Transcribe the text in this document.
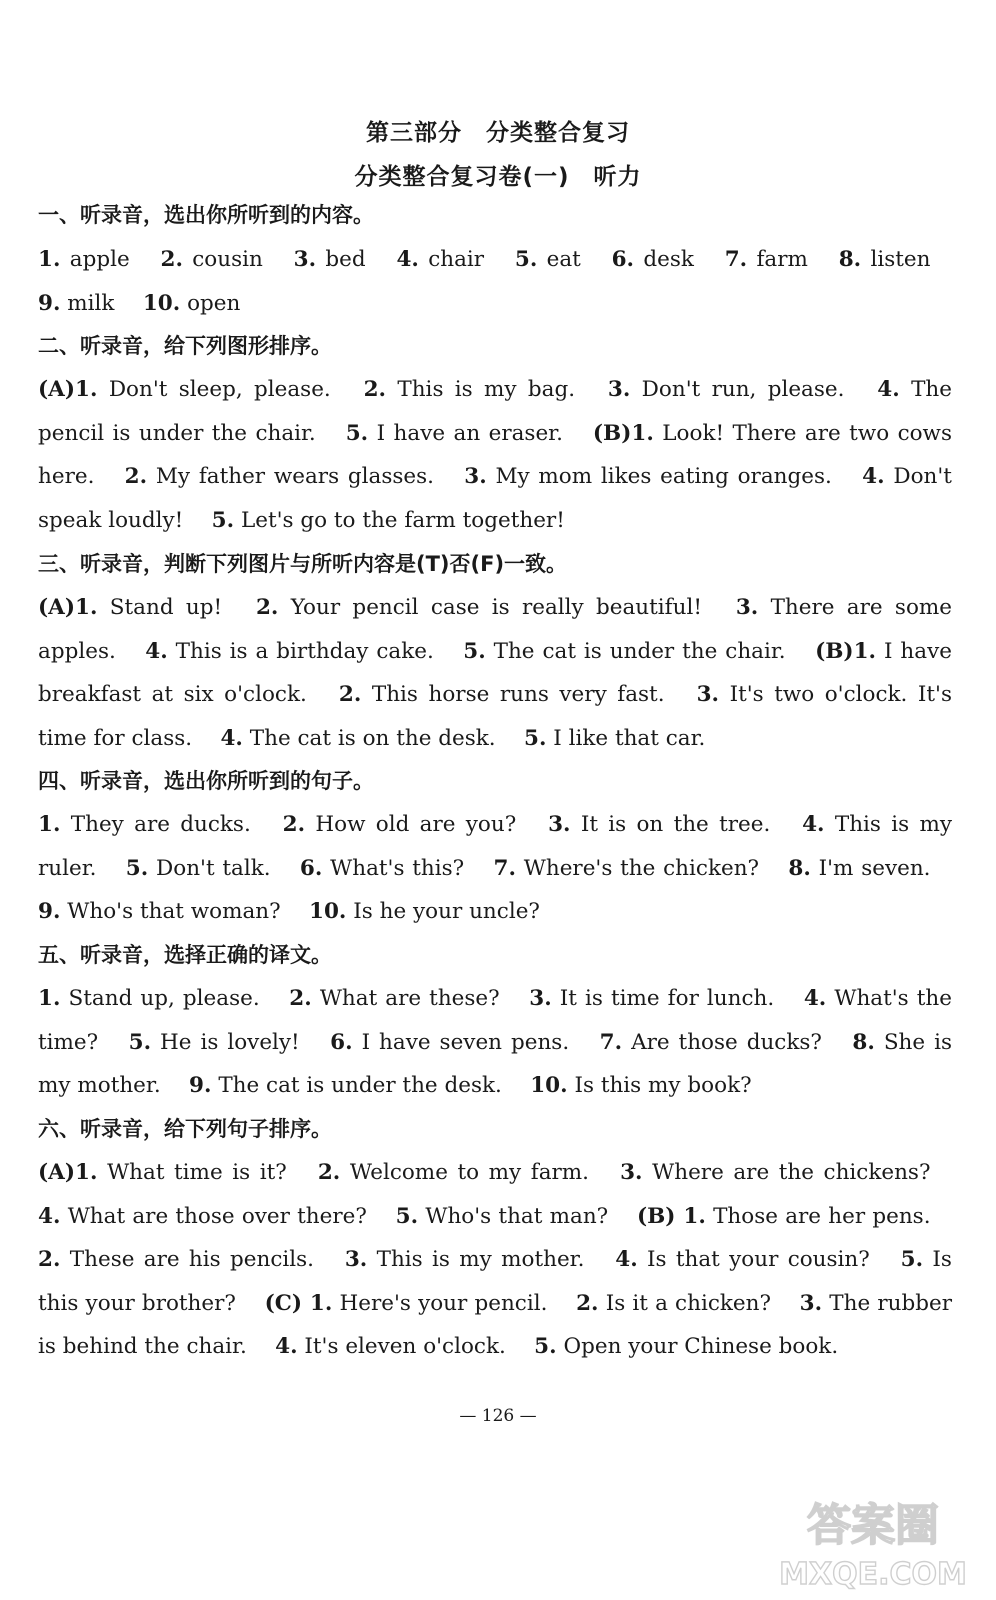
第三部分　分类整合复习
分类整合复习卷(一)　听力
一、听录音，选出你所听到的内容。

1. apple  2. cousin  3. bed  4. chair  5. eat  6. desk  7. farm  8. listen  9. milk  10. open

二、听录音，给下列图形排序。

(A)1. Don't sleep, please.  2. This is my bag.  3. Don't run, please.  4. The pencil is under the chair.  5. I have an eraser.  (B)1. Look! There are two cows here.  2. My father wears glasses.  3. My mom likes eating oranges.  4. Don't speak loudly!  5. Let's go to the farm together!

三、听录音，判断下列图片与所听内容是(T)否(F)一致。

(A)1. Stand up!  2. Your pencil case is really beautiful!  3. There are some apples.  4. This is a birthday cake.  5. The cat is under the chair.  (B)1. I have breakfast at six o'clock.  2. This horse runs very fast.  3. It's two o'clock. It's time for class.  4. The cat is on the desk.  5. I like that car.

四、听录音，选出你所听到的句子。

1. They are ducks.  2. How old are you?  3. It is on the tree.  4. This is my ruler.  5. Don't talk.  6. What's this?  7. Where's the chicken?  8. I'm seven.  9. Who's that woman?  10. Is he your uncle?

五、听录音，选择正确的译文。

1. Stand up, please.  2. What are these?  3. It is time for lunch.  4. What's the time?  5. He is lovely!  6. I have seven pens.  7. Are those ducks?  8. She is my mother.  9. The cat is under the desk.  10. Is this my book?

六、听录音，给下列句子排序。

(A)1. What time is it?  2. Welcome to my farm.  3. Where are the chickens?  4. What are those over there?  5. Who's that man?  (B) 1. Those are her pens.  2. These are his pencils.  3. This is my mother.  4. Is that your cousin?  5. Is this your brother?  (C) 1. Here's your pencil.  2. Is it a chicken?  3. The rubber is behind the chair.  4. It's eleven o'clock.  5. Open your Chinese book.

— 126 —
答案圈
MXQE.COM
